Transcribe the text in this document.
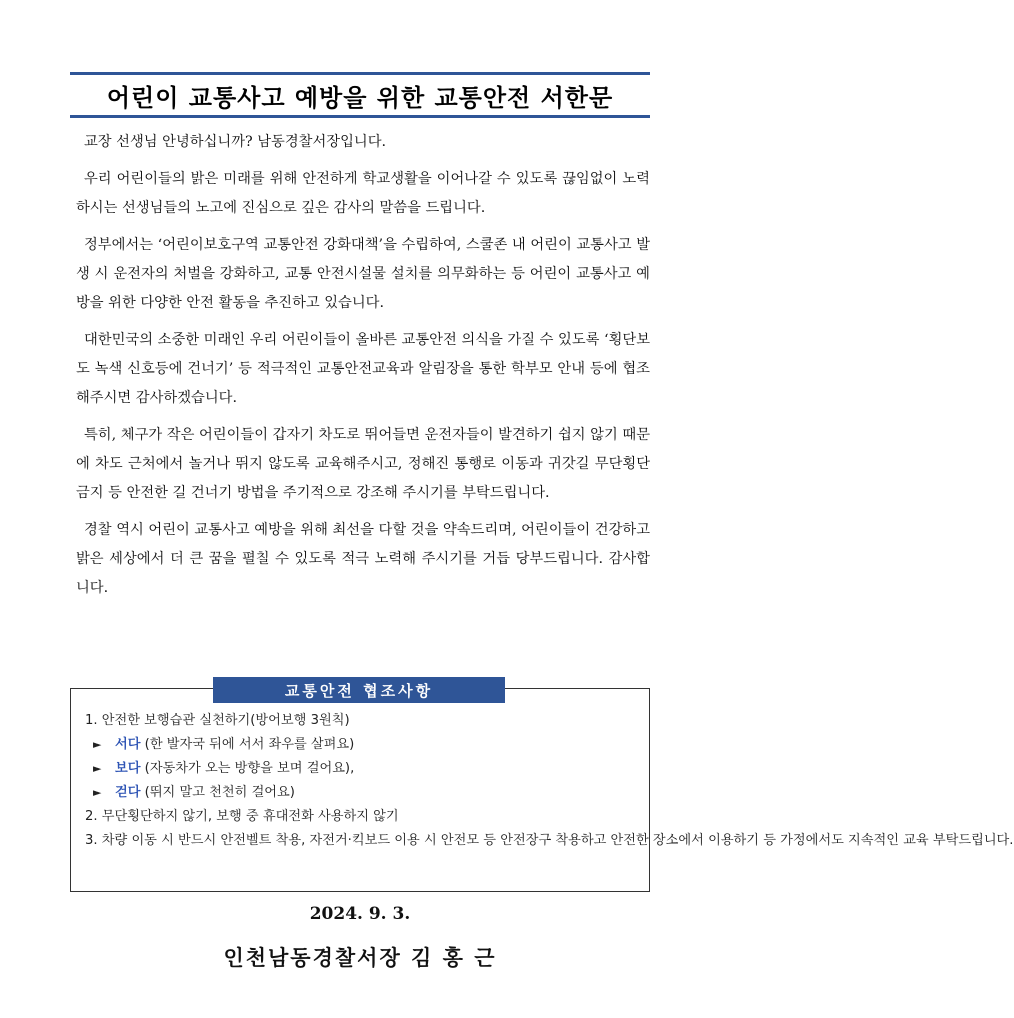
어린이 교통사고 예방을 위한 교통안전 서한문

교장 선생님 안녕하십니까? 남동경찰서장입니다.

우리 어린이들의 밝은 미래를 위해 안전하게 학교생활을 이어나갈 수 있도록 끊임없이 노력하시는 선생님들의 노고에 진심으로 깊은 감사의 말씀을 드립니다.

정부에서는 ‘어린이보호구역 교통안전 강화대책’을 수립하여, 스쿨존 내 어린이 교통사고 발생 시 운전자의 처벌을 강화하고, 교통 안전시설물 설치를 의무화하는 등 어린이 교통사고 예방을 위한 다양한 안전 활동을 추진하고 있습니다.

대한민국의 소중한 미래인 우리 어린이들이 올바른 교통안전 의식을 가질 수 있도록 ‘횡단보도 녹색 신호등에 건너기’ 등 적극적인 교통안전교육과 알림장을 통한 학부모 안내 등에 협조해주시면 감사하겠습니다.

특히, 체구가 작은 어린이들이 갑자기 차도로 뛰어들면 운전자들이 발견하기 쉽지 않기 때문에 차도 근처에서 놀거나 뛰지 않도록 교육해주시고, 정해진 통행로 이동과 귀갓길 무단횡단 금지 등 안전한 길 건너기 방법을 주기적으로 강조해 주시기를 부탁드립니다.

경찰 역시 어린이 교통사고 예방을 위해 최선을 다할 것을 약속드리며, 어린이들이 건강하고 밝은 세상에서 더 큰 꿈을 펼칠 수 있도록 적극 노력해 주시기를 거듭 당부드립니다. 감사합니다.

교통안전 협조사항
1. 안전한 보행습관 실천하기(방어보행 3원칙)
► 서다 (한 발자국 뒤에 서서 좌우를 살펴요)
► 보다 (자동차가 오는 방향을 보며 걸어요),
► 걷다 (뛰지 말고 천천히 걸어요)
2. 무단횡단하지 않기, 보행 중 휴대전화 사용하지 않기
3. 차량 이동 시 반드시 안전벨트 착용, 자전거·킥보드 이용 시 안전모 등 안전장구 착용하고 안전한 장소에서 이용하기 등 가정에서도 지속적인 교육 부탁드립니다.
2024. 9. 3.
인천남동경찰서장 김 홍 근
